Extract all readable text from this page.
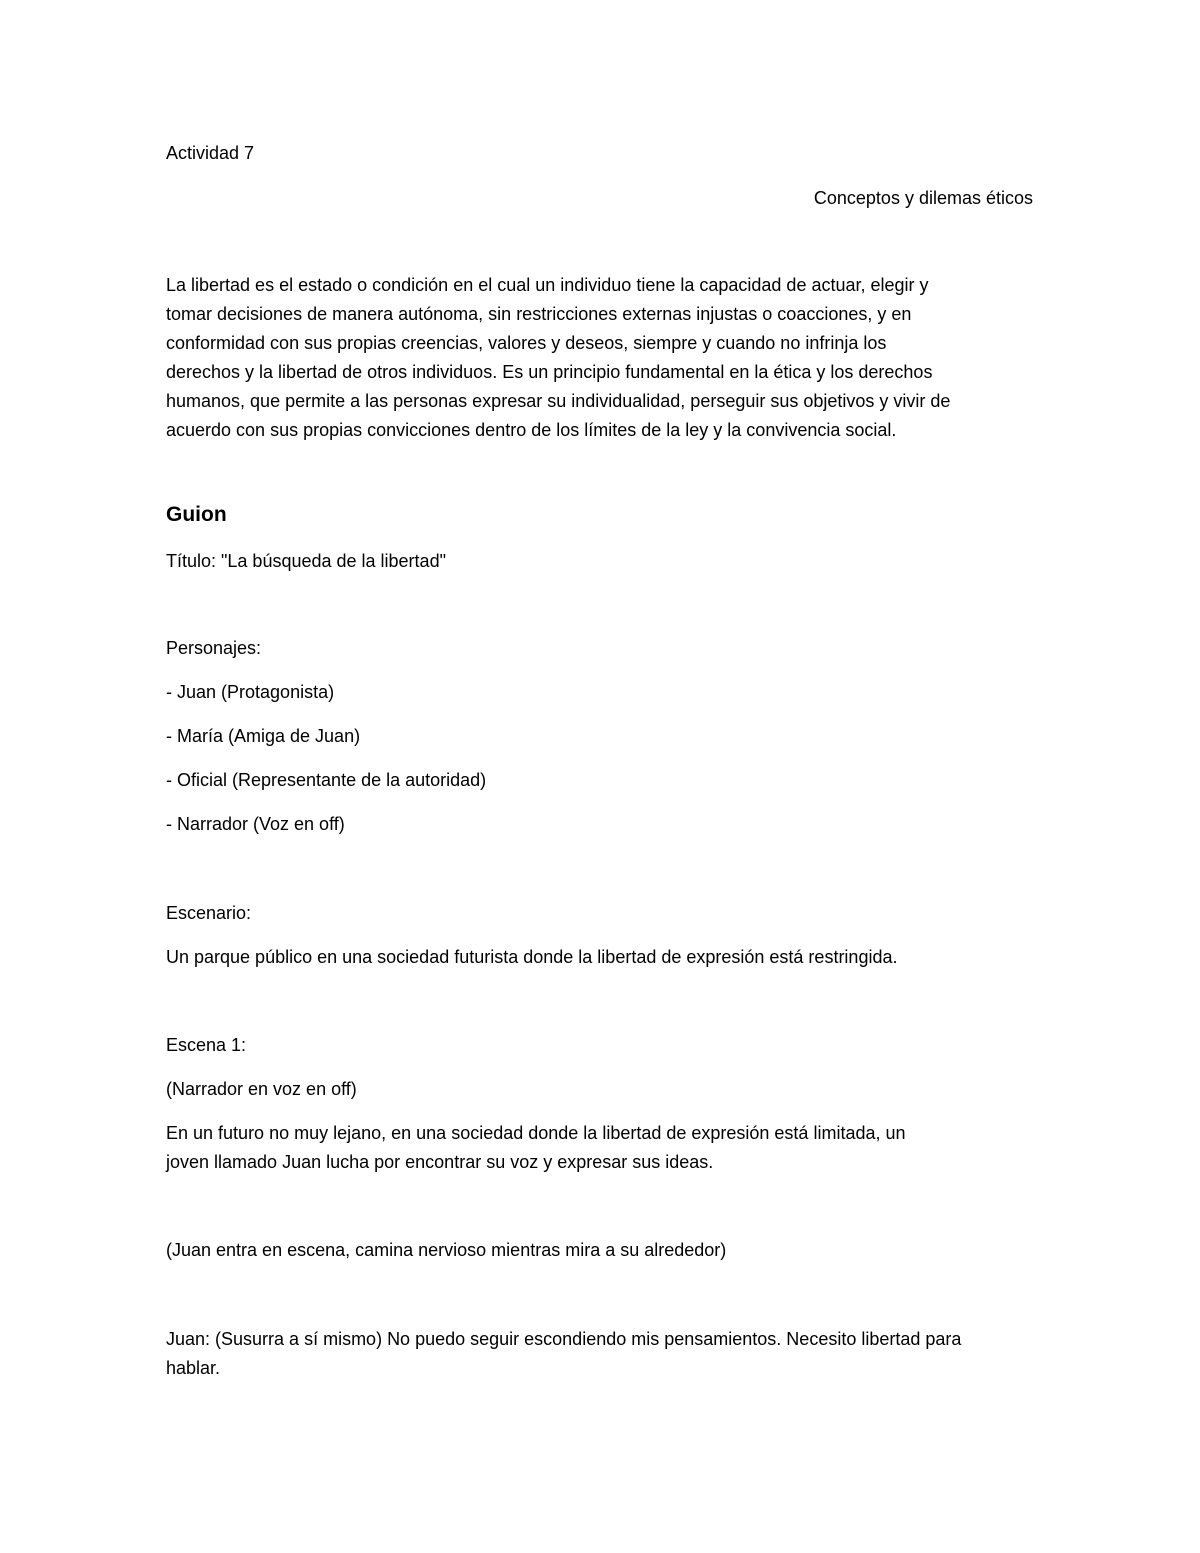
Actividad 7

Conceptos y dilemas éticos

La libertad es el estado o condición en el cual un individuo tiene la capacidad de actuar, elegir y
tomar decisiones de manera autónoma, sin restricciones externas injustas o coacciones, y en
conformidad con sus propias creencias, valores y deseos, siempre y cuando no infrinja los
derechos y la libertad de otros individuos. Es un principio fundamental en la ética y los derechos
humanos, que permite a las personas expresar su individualidad, perseguir sus objetivos y vivir de
acuerdo con sus propias convicciones dentro de los límites de la ley y la convivencia social.

Guion

Título: "La búsqueda de la libertad"

Personajes:

- Juan (Protagonista)

- María (Amiga de Juan)

- Oficial (Representante de la autoridad)

- Narrador (Voz en off)

Escenario:

Un parque público en una sociedad futurista donde la libertad de expresión está restringida.

Escena 1:

(Narrador en voz en off)

En un futuro no muy lejano, en una sociedad donde la libertad de expresión está limitada, un
joven llamado Juan lucha por encontrar su voz y expresar sus ideas.

(Juan entra en escena, camina nervioso mientras mira a su alrededor)

Juan: (Susurra a sí mismo) No puedo seguir escondiendo mis pensamientos. Necesito libertad para
hablar.
